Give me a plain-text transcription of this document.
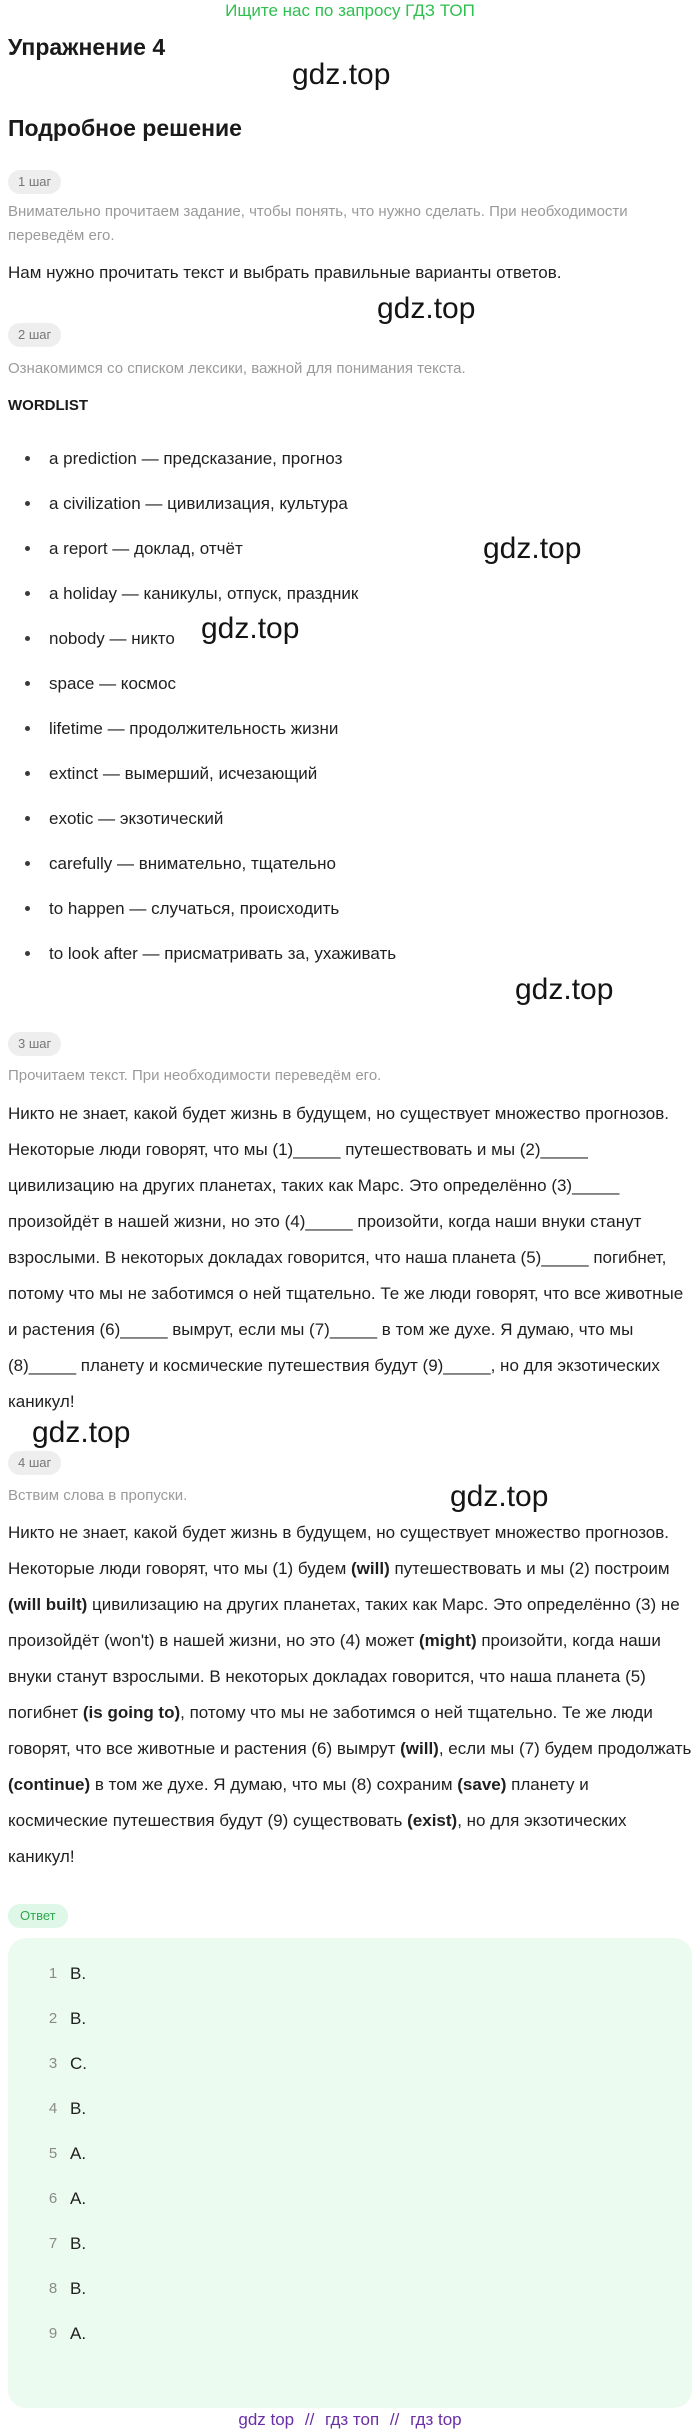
Ищите нас по запросу ГДЗ ТОП
Упражнение 4
Подробное решение
gdz.top
gdz.top
gdz.top
gdz.top
gdz.top
gdz.top
gdz.top
1 шаг
Внимательно прочитаем задание, чтобы понять, что нужно сделать. При необходимости переведём его.
Нам нужно прочитать текст и выбрать правильные варианты ответов.
2 шаг
Ознакомимся со списком лексики, важной для понимания текста.
WORDLIST
a prediction — предсказание, прогноз
a civilization — цивилизация, культура
a report — доклад, отчёт
a holiday — каникулы, отпуск, праздник
nobody — никто
space — космос
lifetime — продолжительность жизни
extinct — вымерший, исчезающий
exotic — экзотический
carefully — внимательно, тщательно
to happen — случаться, происходить
to look after — присматривать за, ухаживать
3 шаг
Прочитаем текст. При необходимости переведём его.
Никто не знает, какой будет жизнь в будущем, но существует множество прогнозов. Некоторые люди говорят, что мы (1)_____ путешествовать и мы (2)_____ цивилизацию на других планетах, таких как Марс. Это определённо (3)_____ произойдёт в нашей жизни, но это (4)_____ произойти, когда наши внуки станут взрослыми. В некоторых докладах говорится, что наша планета (5)_____ погибнет, потому что мы не заботимся о ней тщательно. Те же люди говорят, что все животные и растения (6)_____ вымрут, если мы (7)_____ в том же духе. Я думаю, что мы (8)_____ планету и космические путешествия будут (9)_____, но для экзотических каникул!
4 шаг
Вствим слова в пропуски.
Никто не знает, какой будет жизнь в будущем, но существует множество прогнозов. Некоторые люди говорят, что мы (1) будем (will) путешествовать и мы (2) построим (will built) цивилизацию на других планетах, таких как Марс. Это определённо (3) не произойдёт (won't) в нашей жизни, но это (4) может (might) произойти, когда наши внуки станут взрослыми. В некоторых докладах говорится, что наша планета (5) погибнет (is going to), потому что мы не заботимся о ней тщательно. Те же люди говорят, что все животные и растения (6) вымрут (will), если мы (7) будем продолжать (continue) в том же духе. Я думаю, что мы (8) сохраним (save) планету и космические путешествия будут (9) существовать (exist), но для экзотических каникул!
Ответ
1 B.
2 B.
3 C.
4 B.
5 A.
6 A.
7 B.
8 B.
9 A.
gdz top // гдз топ // гдз top
